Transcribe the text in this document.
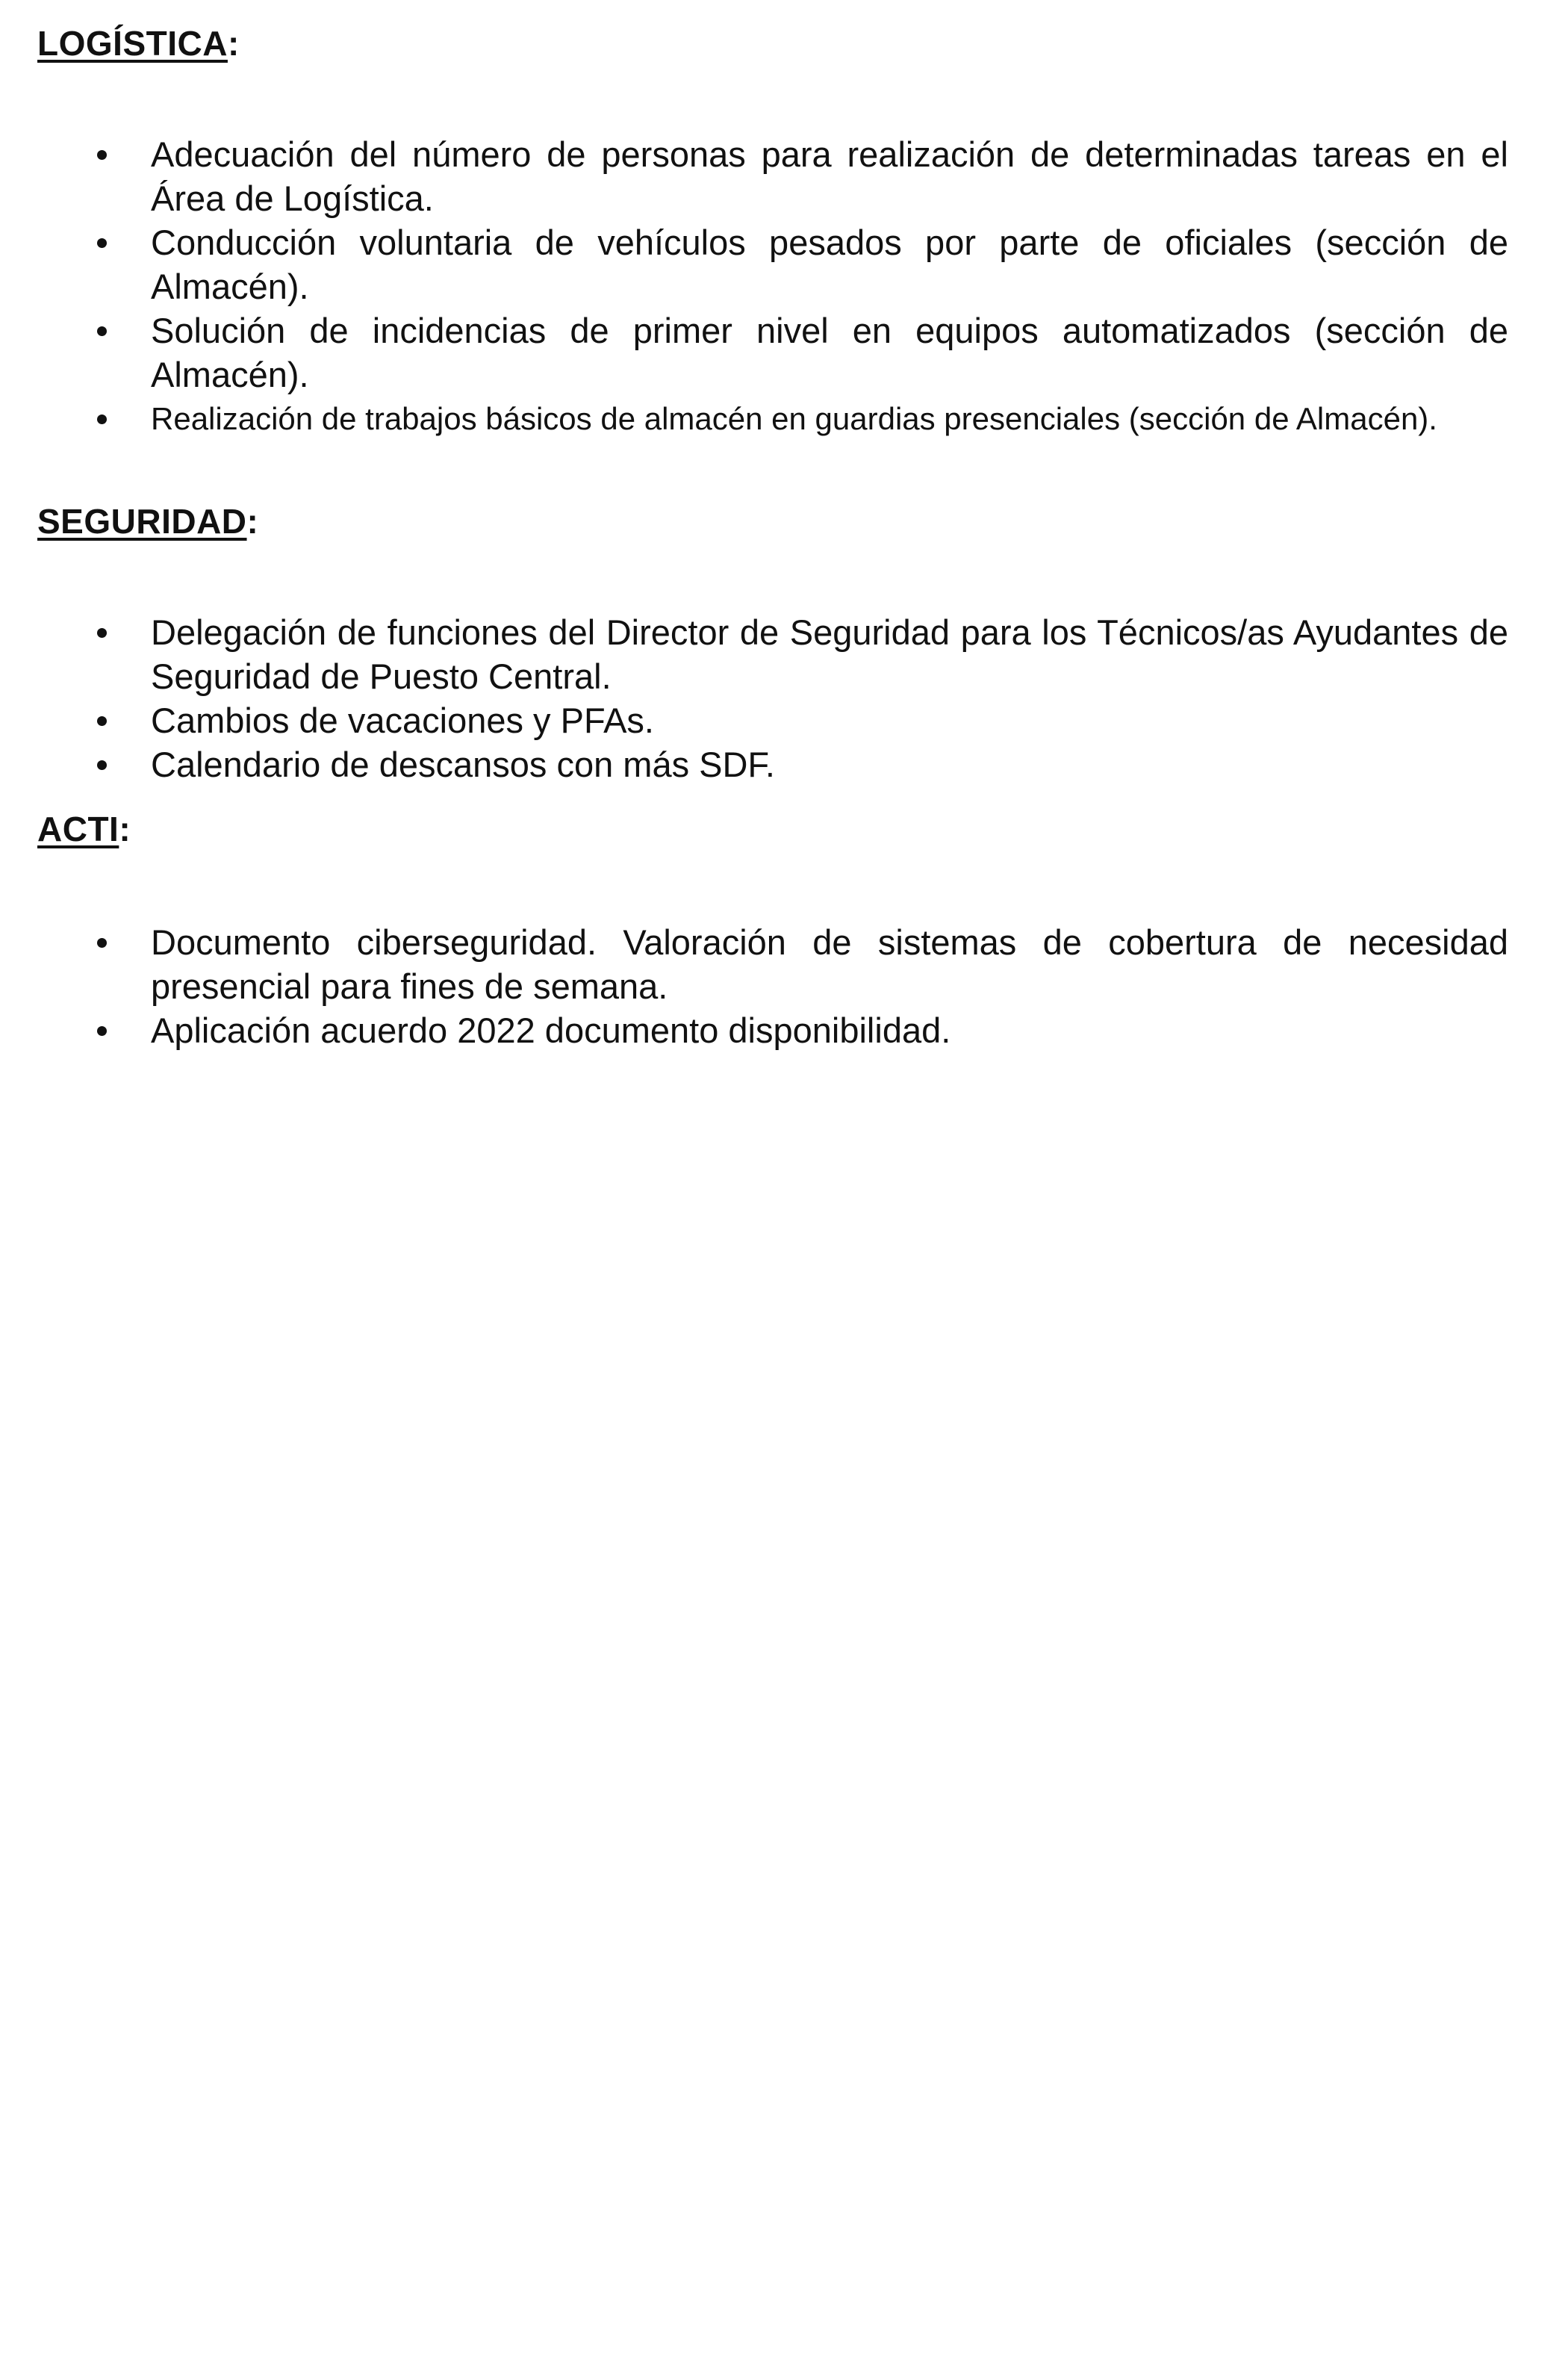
LOGÍSTICA:
Adecuación del número de personas para realización de determinadas tareas en el Área de Logística.
Conducción voluntaria de vehículos pesados por parte de oficiales (sección de Almacén).
Solución de incidencias de primer nivel en equipos automatizados (sección de Almacén).
Realización de trabajos básicos de almacén en guardias presenciales (sección de Almacén).
SEGURIDAD:
Delegación de funciones del Director de Seguridad para los Técnicos/as Ayudantes de Seguridad de Puesto Central.
Cambios de vacaciones y PFAs.
Calendario de descansos con más SDF.
ACTI:
Documento ciberseguridad. Valoración de sistemas de cobertura de necesidad presencial para fines de semana.
Aplicación acuerdo 2022 documento disponibilidad.
